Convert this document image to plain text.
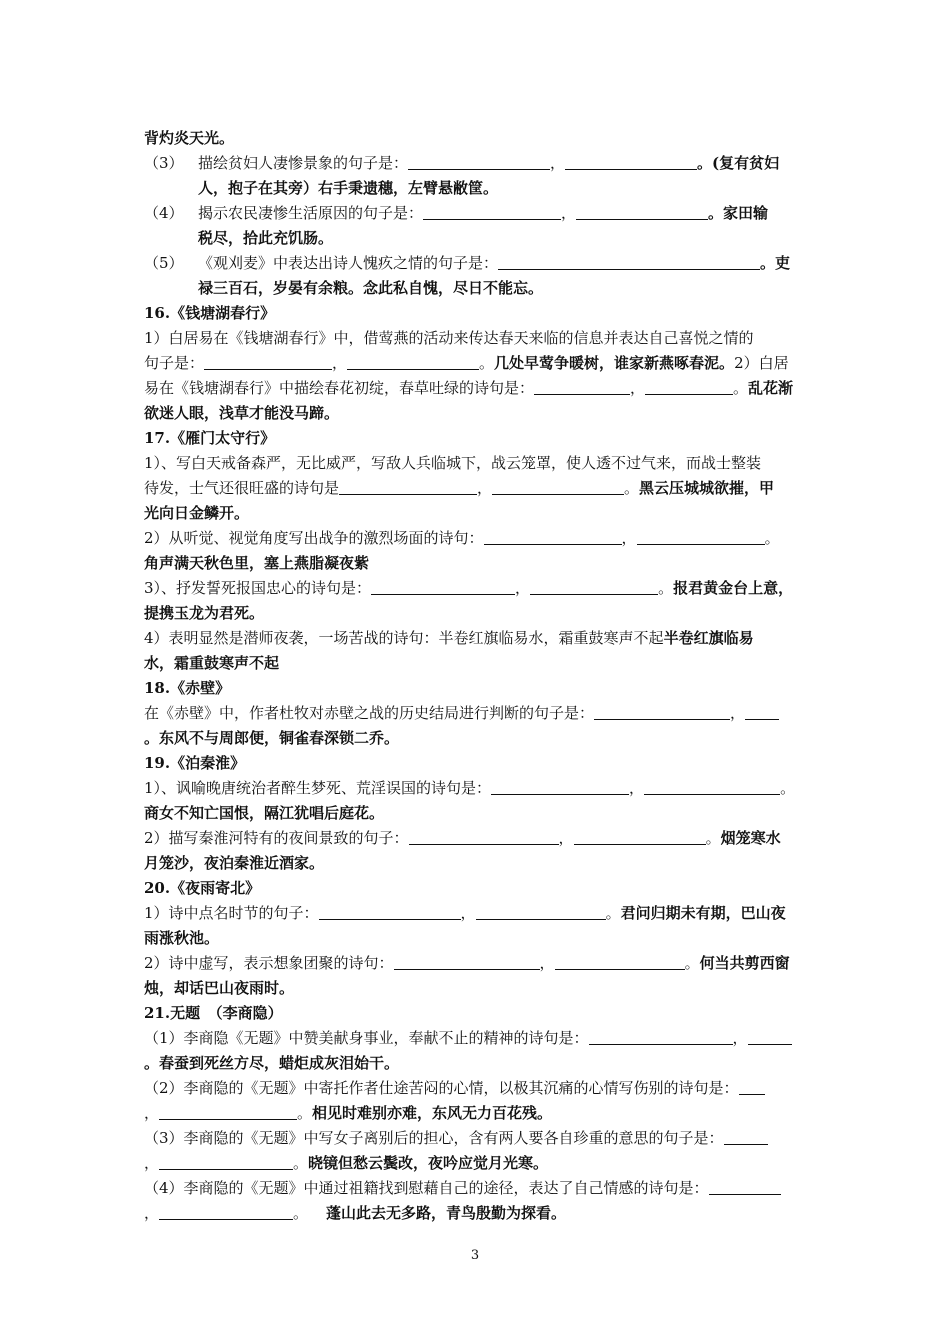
背灼炎天光。
（3） 描绘贫妇人凄惨景象的句子是：	，	。(复有贫妇
人，抱子在其旁）右手秉遗穗，左臂悬敝筐。
（4） 揭示农民凄惨生活原因的句子是：	，	。家田输
税尽，拾此充饥肠。
（5） 《观刈麦》中表达出诗人愧疚之情的句子是：	。吏
禄三百石，岁晏有余粮。念此私自愧，尽日不能忘。
16.《钱塘湖春行》
1）白居易在《钱塘湖春行》中，借莺燕的活动来传达春天来临的信息并表达自己喜悦之情的
句子是：	，	。几处早莺争暖树，谁家新燕啄春泥。2）白居
易在《钱塘湖春行》中描绘春花初绽，春草吐绿的诗句是：	，	。乱花渐
欲迷人眼，浅草才能没马蹄。
17.《雁门太守行》
1）、写白天戒备森严，无比威严，写敌人兵临城下，战云笼罩，使人透不过气来，而战士整装
待发，士气还很旺盛的诗句是	，	。黑云压城城欲摧，甲
光向日金鳞开。
2）从听觉、视觉角度写出战争的激烈场面的诗句：	，	。
角声满天秋色里，塞上燕脂凝夜紫
3）、抒发誓死报国忠心的诗句是：	，	。报君黄金台上意，
提携玉龙为君死。
4）表明显然是潜师夜袭，一场苦战的诗句：半卷红旗临易水，霜重鼓寒声不起半卷红旗临易
水，霜重鼓寒声不起
18.《赤壁》
在《赤壁》中，作者杜牧对赤壁之战的历史结局进行判断的句子是：	，
。东风不与周郎便，铜雀春深锁二乔。
19.《泊秦淮》
1）、讽喻晚唐统治者醉生梦死、荒淫误国的诗句是：	，	。
商女不知亡国恨，隔江犹唱后庭花。
2）描写秦淮河特有的夜间景致的句子：	，	。烟笼寒水
月笼沙，夜泊秦淮近酒家。
20.《夜雨寄北》
1）诗中点名时节的句子：	，	。君问归期未有期，巴山夜
雨涨秋池。
2）诗中虚写，表示想象团聚的诗句：	，	。何当共剪西窗
烛，却话巴山夜雨时。
21.无题　（李商隐）
（1）李商隐《无题》中赞美献身事业，奉献不止的精神的诗句是：	，
。春蚕到死丝方尽，蜡炬成灰泪始干。
（2）李商隐的《无题》中寄托作者仕途苦闷的心情，以极其沉痛的心情写伤别的诗句是：
，	。相见时难别亦难，东风无力百花残。
（3）李商隐的《无题》中写女子离别后的担心，含有两人要各自珍重的意思的句子是：
，	。晓镜但愁云鬓改，夜吟应觉月光寒。
（4）李商隐的《无题》中通过祖籍找到慰藉自己的途径，表达了自己情感的诗句是：
，	。 蓬山此去无多路，青鸟殷勤为探看。
3
